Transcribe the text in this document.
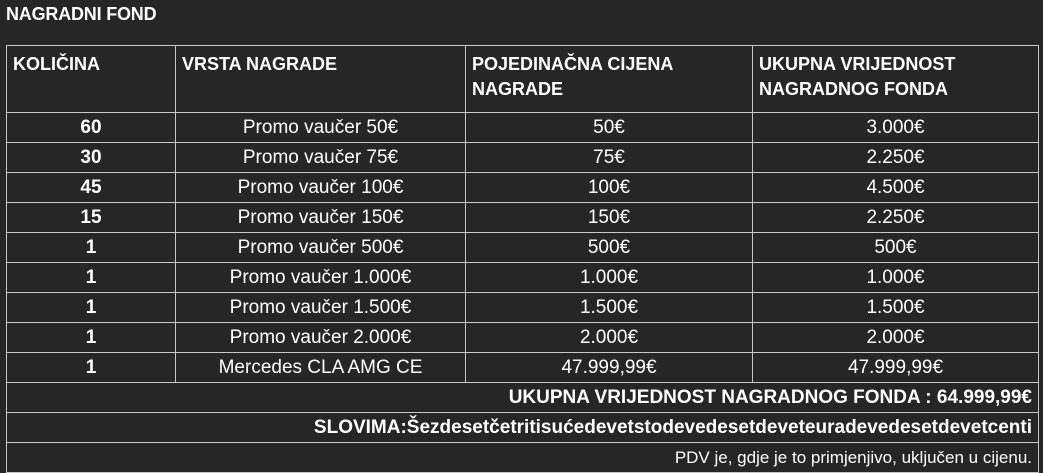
NAGRADNI FOND
KOLIČINA	VRSTA NAGRADE	POJEDINAČNA CIJENA NAGRADE	UKUPNA VRIJEDNOST NAGRADNOG FONDA
60	Promo vaučer 50€	50€	3.000€
30	Promo vaučer 75€	75€	2.250€
45	Promo vaučer 100€	100€	4.500€
15	Promo vaučer 150€	150€	2.250€
1	Promo vaučer 500€	500€	500€
1	Promo vaučer 1.000€	1.000€	1.000€
1	Promo vaučer 1.500€	1.500€	1.500€
1	Promo vaučer 2.000€	2.000€	2.000€
1	Mercedes CLA AMG CE	47.999,99€	47.999,99€
UKUPNA VRIJEDNOST NAGRADNOG FONDA : 64.999,99€			
SLOVIMA:Šezdesetčetritisućedevetstodevedesetdeveteuradevedesetdevetcenti			
PDV je, gdje je to primjenjivo, uključen u cijenu.			
